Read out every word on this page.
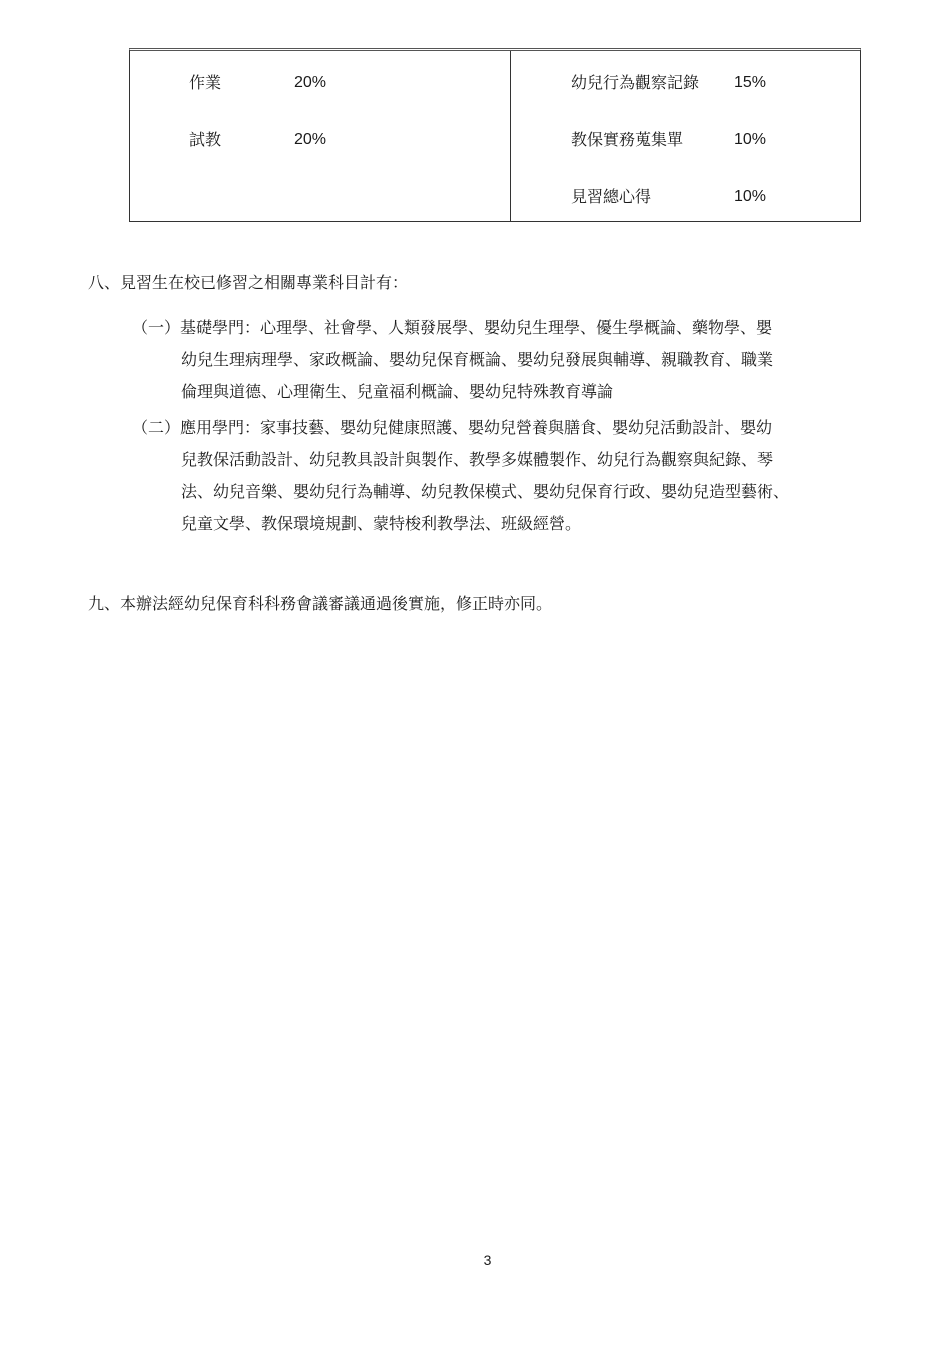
作業	20%
試教	20%
幼兒行為觀察記錄 15%
教保實務蒐集單	10%
見習總心得	10%
八、見習生在校已修習之相關專業科目計有：
（一）基礎學門：心理學、社會學、人類發展學、嬰幼兒生理學、優生學概論、藥物學、嬰
幼兒生理病理學、家政概論、嬰幼兒保育概論、嬰幼兒發展與輔導、親職教育、職業
倫理與道德、心理衛生、兒童福利概論、嬰幼兒特殊教育導論
（二）應用學門：家事技藝、嬰幼兒健康照護、嬰幼兒營養與膳食、嬰幼兒活動設計、嬰幼
兒教保活動設計、幼兒教具設計與製作、教學多媒體製作、幼兒行為觀察與紀錄、琴
法、幼兒音樂、嬰幼兒行為輔導、幼兒教保模式、嬰幼兒保育行政、嬰幼兒造型藝術、
兒童文學、教保環境規劃、蒙特梭利教學法、班級經營。
九、本辦法經幼兒保育科科務會議審議通過後實施，修正時亦同。
3
